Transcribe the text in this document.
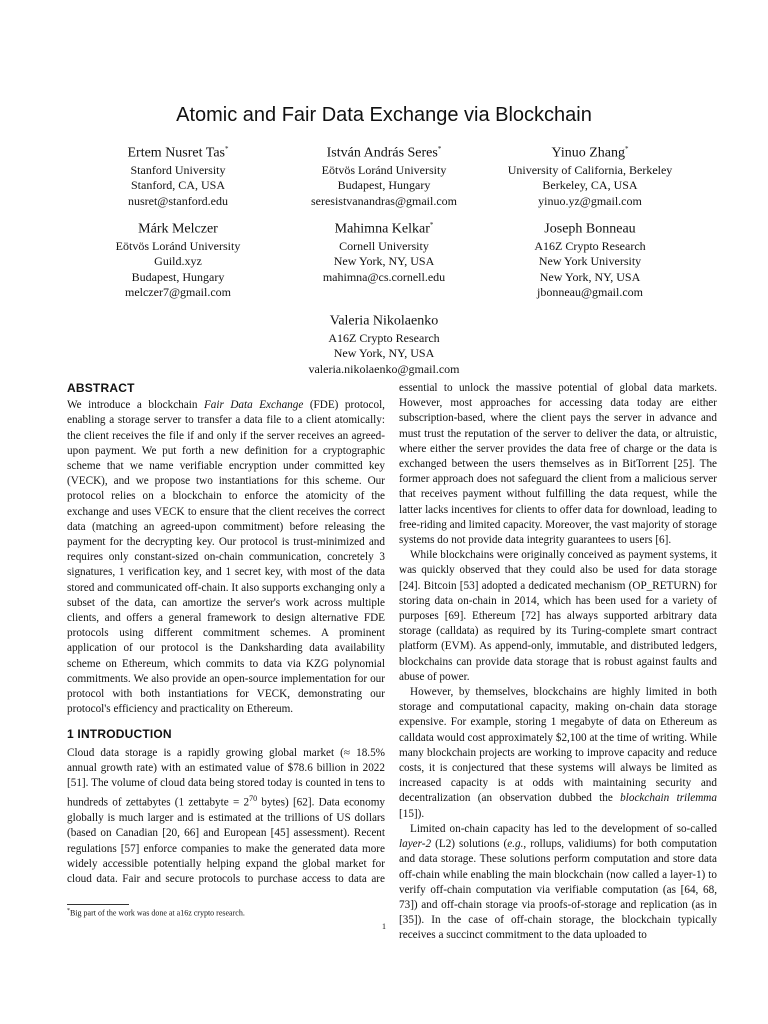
Atomic and Fair Data Exchange via Blockchain
Ertem Nusret Tas*
Stanford University
Stanford, CA, USA
nusret@stanford.edu
István András Seres*
Eötvös Loránd University
Budapest, Hungary
seresistvanandras@gmail.com
Yinuo Zhang*
University of California, Berkeley
Berkeley, CA, USA
yinuo.yz@gmail.com
Márk Melczer
Eötvös Loránd University
Guild.xyz
Budapest, Hungary
melczer7@gmail.com
Mahimna Kelkar*
Cornell University
New York, NY, USA
mahimna@cs.cornell.edu
Joseph Bonneau
A16Z Crypto Research
New York University
New York, NY, USA
jbonneau@gmail.com
Valeria Nikolaenko
A16Z Crypto Research
New York, NY, USA
valeria.nikolaenko@gmail.com
ABSTRACT

We introduce a blockchain Fair Data Exchange (FDE) protocol, enabling a storage server to transfer a data file to a client atomically: the client receives the file if and only if the server receives an agreed-upon payment. We put forth a new definition for a cryptographic scheme that we name verifiable encryption under committed key (VECK), and we propose two instantiations for this scheme. Our protocol relies on a blockchain to enforce the atomicity of the exchange and uses VECK to ensure that the client receives the correct data (matching an agreed-upon commitment) before releasing the payment for the decrypting key. Our protocol is trust-minimized and requires only constant-sized on-chain communication, concretely 3 signatures, 1 verification key, and 1 secret key, with most of the data stored and communicated off-chain. It also supports exchanging only a subset of the data, can amortize the server's work across multiple clients, and offers a general framework to design alternative FDE protocols using different commitment schemes. A prominent application of our protocol is the Danksharding data availability scheme on Ethereum, which commits to data via KZG polynomial commitments. We also provide an open-source implementation for our protocol with both instantiations for VECK, demonstrating our protocol's efficiency and practicality on Ethereum.

1 INTRODUCTION

Cloud data storage is a rapidly growing global market (≈ 18.5% annual growth rate) with an estimated value of $78.6 billion in 2022 [51]. The volume of cloud data being stored today is counted in tens to hundreds of zettabytes (1 zettabyte = $2^{70}$ bytes) [62]. Data economy globally is much larger and is estimated at the trillions of US dollars (based on Canadian [20, 66] and European [45] assessment). Recent regulations [57] enforce companies to make the generated data more widely accessible potentially helping expand the global market for cloud data. Fair and secure protocols to purchase access to data are

essential to unlock the massive potential of global data markets. However, most approaches for accessing data today are either subscription-based, where the client pays the server in advance and must trust the reputation of the server to deliver the data, or altruistic, where either the server provides the data free of charge or the data is exchanged between the users themselves as in BitTorrent [25]. The former approach does not safeguard the client from a malicious server that receives payment without fulfilling the data request, while the latter lacks incentives for clients to offer data for download, leading to free-riding and limited capacity. Moreover, the vast majority of storage systems do not provide data integrity guarantees to users [6].

While blockchains were originally conceived as payment systems, it was quickly observed that they could also be used for data storage [24]. Bitcoin [53] adopted a dedicated mechanism (OP_RETURN) for storing data on-chain in 2014, which has been used for a variety of purposes [69]. Ethereum [72] has always supported arbitrary data storage (calldata) as required by its Turing-complete smart contract platform (EVM). As append-only, immutable, and distributed ledgers, blockchains can provide data storage that is robust against faults and abuse of power.

However, by themselves, blockchains are highly limited in both storage and computational capacity, making on-chain data storage expensive. For example, storing 1 megabyte of data on Ethereum as calldata would cost approximately $2,100 at the time of writing. While many blockchain projects are working to improve capacity and reduce costs, it is conjectured that these systems will always be limited as increased capacity is at odds with maintaining security and decentralization (an observation dubbed the blockchain trilemma [15]).

Limited on-chain capacity has led to the development of so-called layer-2 (L2) solutions (e.g., rollups, validiums) for both computation and data storage. These solutions perform computation and store data off-chain while enabling the main blockchain (now called a layer-1) to verify off-chain computation via verifiable computation (as [64, 68, 73]) and off-chain storage via proofs-of-storage and replication (as in [35]). In the case of off-chain storage, the blockchain typically receives a succinct commitment to the data uploaded to

*Big part of the work was done at a16z crypto research.
1
